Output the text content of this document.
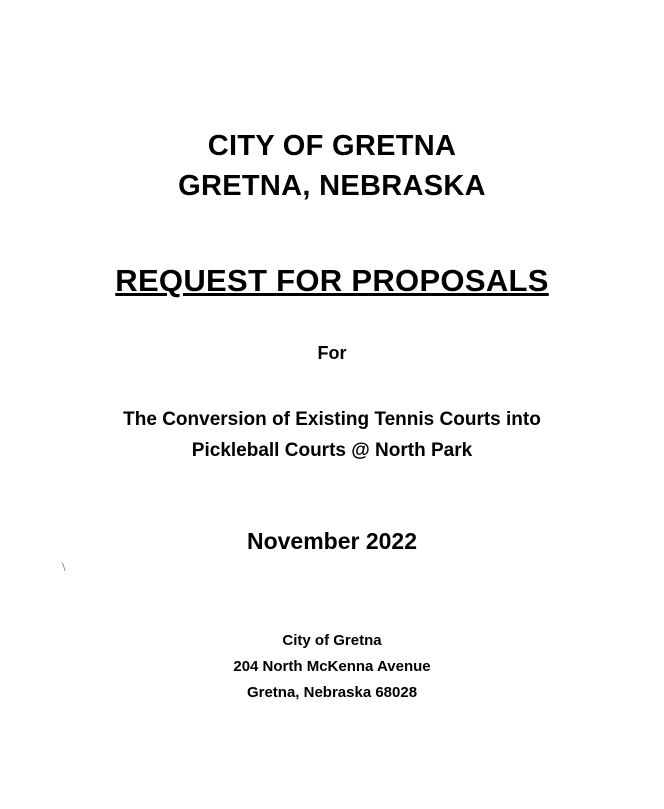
CITY OF GRETNA
GRETNA, NEBRASKA
REQUEST FOR PROPOSALS
For
The Conversion of Existing Tennis Courts into
Pickleball Courts @ North Park
November 2022
City of Gretna
204 North McKenna Avenue
Gretna, Nebraska 68028
\
